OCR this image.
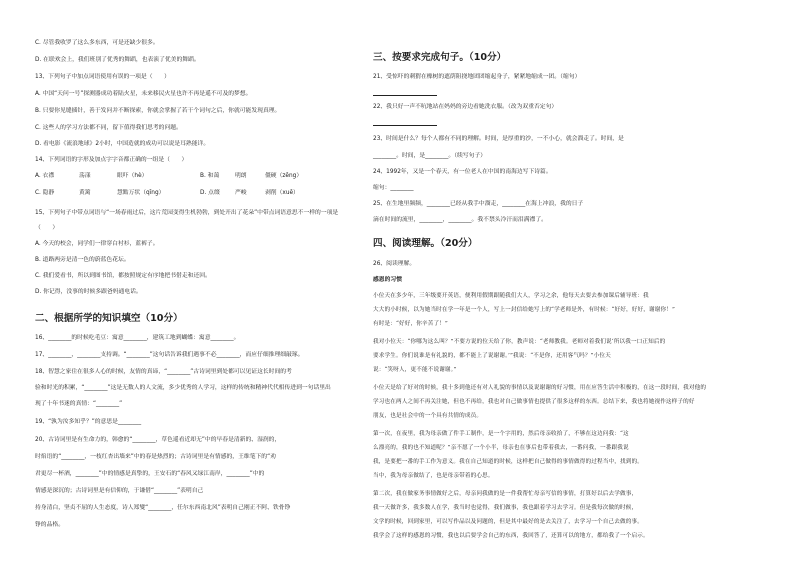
C. 尽管我收罗了这么多东西，可是还缺少很多。
D. 在联欢会上，我们班别了优秀的舞蹈，也表演了优美的舞蹈。
13、下列句子中加点词语使用有误的一项是（　　）
A. 中国“天问一号”探测器成功着陆火星，未来移民火星也许不再是遥不可及的梦想。
B. 只要你见缝插针，善于发问并不断探索，你就会掌握了若干个词句之后，你就可能发现真理。
C. 这些人的学习方法都不同，留下值得我们思考的问题。
D. 看电影《流浪地球》2小时，中国造就的成功可以说是耳熟能详。
14、下列词语的字形及加点字字音都正确的一组是（　　）
A. 衣襟	荡漾	眼吓（hè）	B. 和蔼	明朗	僵硬（zēng）
C. 隐静	黄篱	慧黠万状（qīng）	D. 点缀	严峻	剥削（xuē）
15、下列句子中带点词语与“一场春雨过后，这片荒园变得生机勃勃，到处开出了花朵”中带点词语意思不一样的一项是
（　　）
A. 今天的校会，同学们一律穿白衬衫，蓝裤子。
B. 道路两旁是清一色的蔚蓝色花坛。
C. 我们爱看书，所以到图书馆，都按照规定有序地把书借走和还回。
D. 你记得，没事的时候多跟爸妈通电话。
二、根据所学的知识填空（10分）
16、________的时候吃毛豆：寓意________，建筑工地到蝴蝶：寓意________。
17、________，________支持调。“________”这句话告诉我们遇事不必________，而应仔细推理细敲琢。
18、智慧之家住在很多人心的时候，友情的真谛，“________”古诗词里到处都可以见证这长时间的考
验和时光的积累，“________”这是无数人的人文流，多少优秀的人学习，这样的传统和精神代代相传进到一句话里出
现了十年书迷的真情：“________”
19、“孰为汝多知乎？”的意思是________
20、古诗词里是有生命力的，韩愈的“________，草色遥看近却无”中的早春是清新的、湿润的，
时焰语的“________，一枝红杏出墙来”中的春是热烈的；古诗词里是有情感的，王维笔下的“劝
君更尽一杯酒，________”中的情感是真挚的，王安石的“春风又绿江南岸，________”中的
情感是深沉的；古诗词里是有信仰的，于谦借“________”表明自己
持身清白，坚贞不屈的人生态度，诗人郑燮“________，任尔东西南北风”表明自己刚正不阿、铁骨铮
铮的品格。
三、按要求完成句子。（10分）
21、受惊吓的刺猬在橡树的遮荫阻挠地团团缩起身子，紧紧地缩成一团。（缩句）
22、我只好一声不吭地站在妈妈的旁边看她洗衣服。（改为双重否定句）
23、时间是什么？每个人都有不同的理解。时间，是厚重的沙，一不小心，就会溜走了。时间，是
________。时间，是________。（续写句子）
24、1992年，又是一个春天，有一位老人在中国的南海边写下诗篇。
缩句：________
25、在生地里频频，________已经从我手中溜走，________在海上冲浪，我的日子
滴在时间的流里，________，________。我不禁头冷汗而泪满襟了。
四、阅读理解。（20分）
26、阅读理解。
感恩的习惯
小位天在多少年，三年级要开英语，便利用假期跟随我们大人，学习之余，他每天去要去参加课后辅导班：我
大大的小时候，以为她当时在学一年是一个人，写上一封信给她写上的“学老师是外，有时候：“好好，好好，谢谢你！”
有时是：“好好，你辛苦了！”
我对小位天：“你哪为这么叫？”不要方说的位天给了你，教声说：“老师教我。老师对着我们说‘所以我一口正知后的
要求学生。你们说谁是有礼貌的，都不能上了说谢谢。’”我说：“不是你，还用客气吗？”小位天
说：“笑呀人，更不能不说谢谢。”
小位天是给了好对的时候，我十多到他还有对人礼貌的事情以及说谢谢的好习惯，用在应答生活中积极的，在这一段时间，我对他的
学习也在两人之间不再关注她，但也不再给，我也对自己做事情也提供了很多这样的东西。总结下来，我也将她视作这样子的好
朋友，也是社会中的一个具有共情的成员。
第一次，在夜里，我为母亲做了件手工制作，是一个字用的，然后母亲收拾了，不够在这边问我：“这
么漂亮的，我的也不知道呢？”亲不愿了一个小半，母亲也在事后也带着我去，一番问我，一番跟我说
我，是要把一番的手工作为意义。我在自己知道的时候，这样把自己做得的事情做得的过程当中，找到的。
当中，我为母亲做结了，也是母亲带着的心思。
第二次，我在做家务事情做好之后，母亲问我做的是一件我帮忙母亲写信的事情，打算好以后去学做事，
我一天做许多，我多数人在学，我当时也觉得，我们做事，我也跟着学习去学习。但是我每次做的时候，
文学的时候，回到家里，可以写作品以及问题的，但是其中最好的是去关注了，去学习一个自己去做的事。
我学会了这样的感恩的习惯，我也以后要学会自己的东西，我回答了，还算可以的地方，都给我了一个启示。
